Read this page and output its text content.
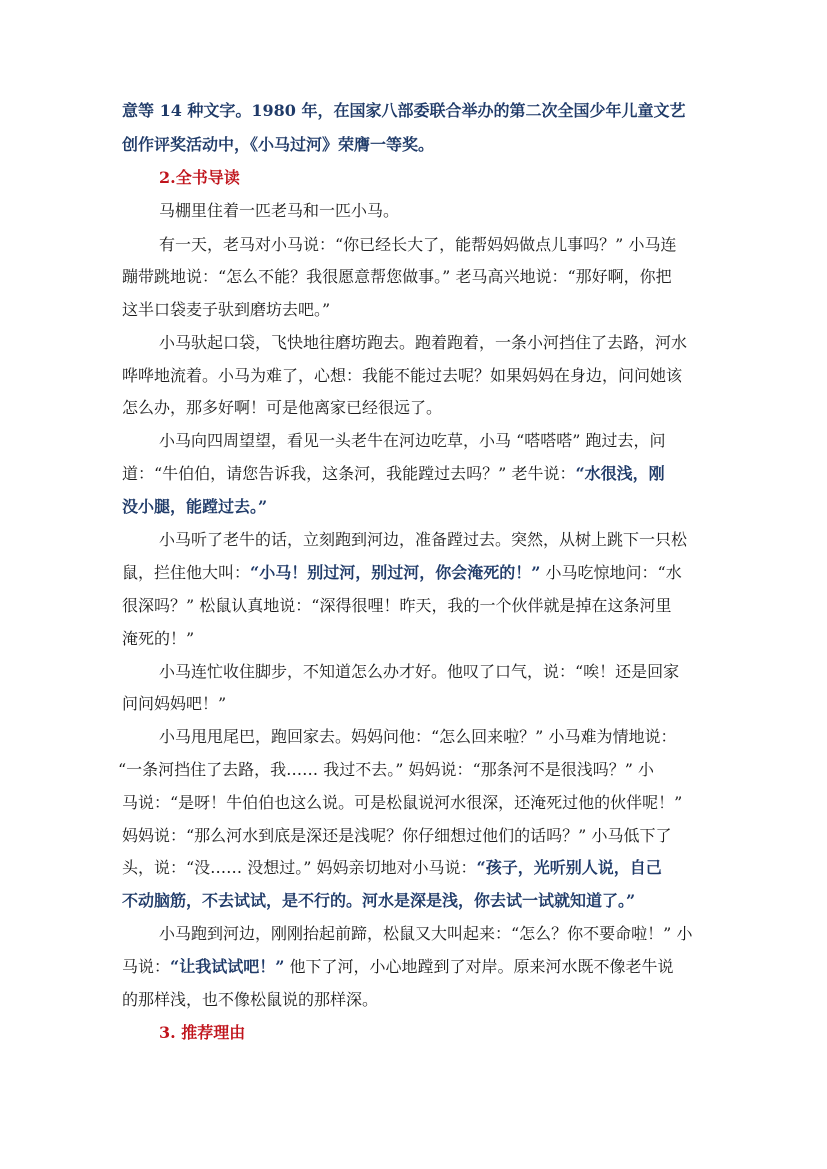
意等 14 种文字。1980 年，在国家八部委联合举办的第二次全国少年儿童文艺
创作评奖活动中，《小马过河》荣膺一等奖。
2.全书导读
马棚里住着一匹老马和一匹小马。
有一天，老马对小马说：“你已经长大了，能帮妈妈做点儿事吗？” 小马连
蹦带跳地说：“怎么不能？我很愿意帮您做事。” 老马高兴地说：“那好啊，你把
这半口袋麦子驮到磨坊去吧。”
小马驮起口袋，飞快地往磨坊跑去。跑着跑着，一条小河挡住了去路，河水
哗哗地流着。小马为难了，心想：我能不能过去呢？如果妈妈在身边，问问她该
怎么办，那多好啊！可是他离家已经很远了。
小马向四周望望，看见一头老牛在河边吃草，小马 “嗒嗒嗒” 跑过去，问
道：“牛伯伯，请您告诉我，这条河，我能蹚过去吗？” 老牛说：“水很浅，刚
没小腿，能蹚过去。”
小马听了老牛的话，立刻跑到河边，准备蹚过去。突然，从树上跳下一只松
鼠，拦住他大叫：“小马！别过河，别过河，你会淹死的！” 小马吃惊地问：“水
很深吗？” 松鼠认真地说：“深得很哩！昨天，我的一个伙伴就是掉在这条河里
淹死的！”
小马连忙收住脚步，不知道怎么办才好。他叹了口气，说：“唉！还是回家
问问妈妈吧！”
小马甩甩尾巴，跑回家去。妈妈问他：“怎么回来啦？” 小马难为情地说：
“一条河挡住了去路，我…… 我过不去。” 妈妈说：“那条河不是很浅吗？” 小
马说：“是呀！牛伯伯也这么说。可是松鼠说河水很深，还淹死过他的伙伴呢！”
妈妈说：“那么河水到底是深还是浅呢？你仔细想过他们的话吗？” 小马低下了
头，说：“没…… 没想过。” 妈妈亲切地对小马说：“孩子，光听别人说，自己
不动脑筋，不去试试，是不行的。河水是深是浅，你去试一试就知道了。”
小马跑到河边，刚刚抬起前蹄，松鼠又大叫起来：“怎么？你不要命啦！” 小
马说：“让我试试吧！” 他下了河，小心地蹚到了对岸。原来河水既不像老牛说
的那样浅，也不像松鼠说的那样深。
3. 推荐理由
